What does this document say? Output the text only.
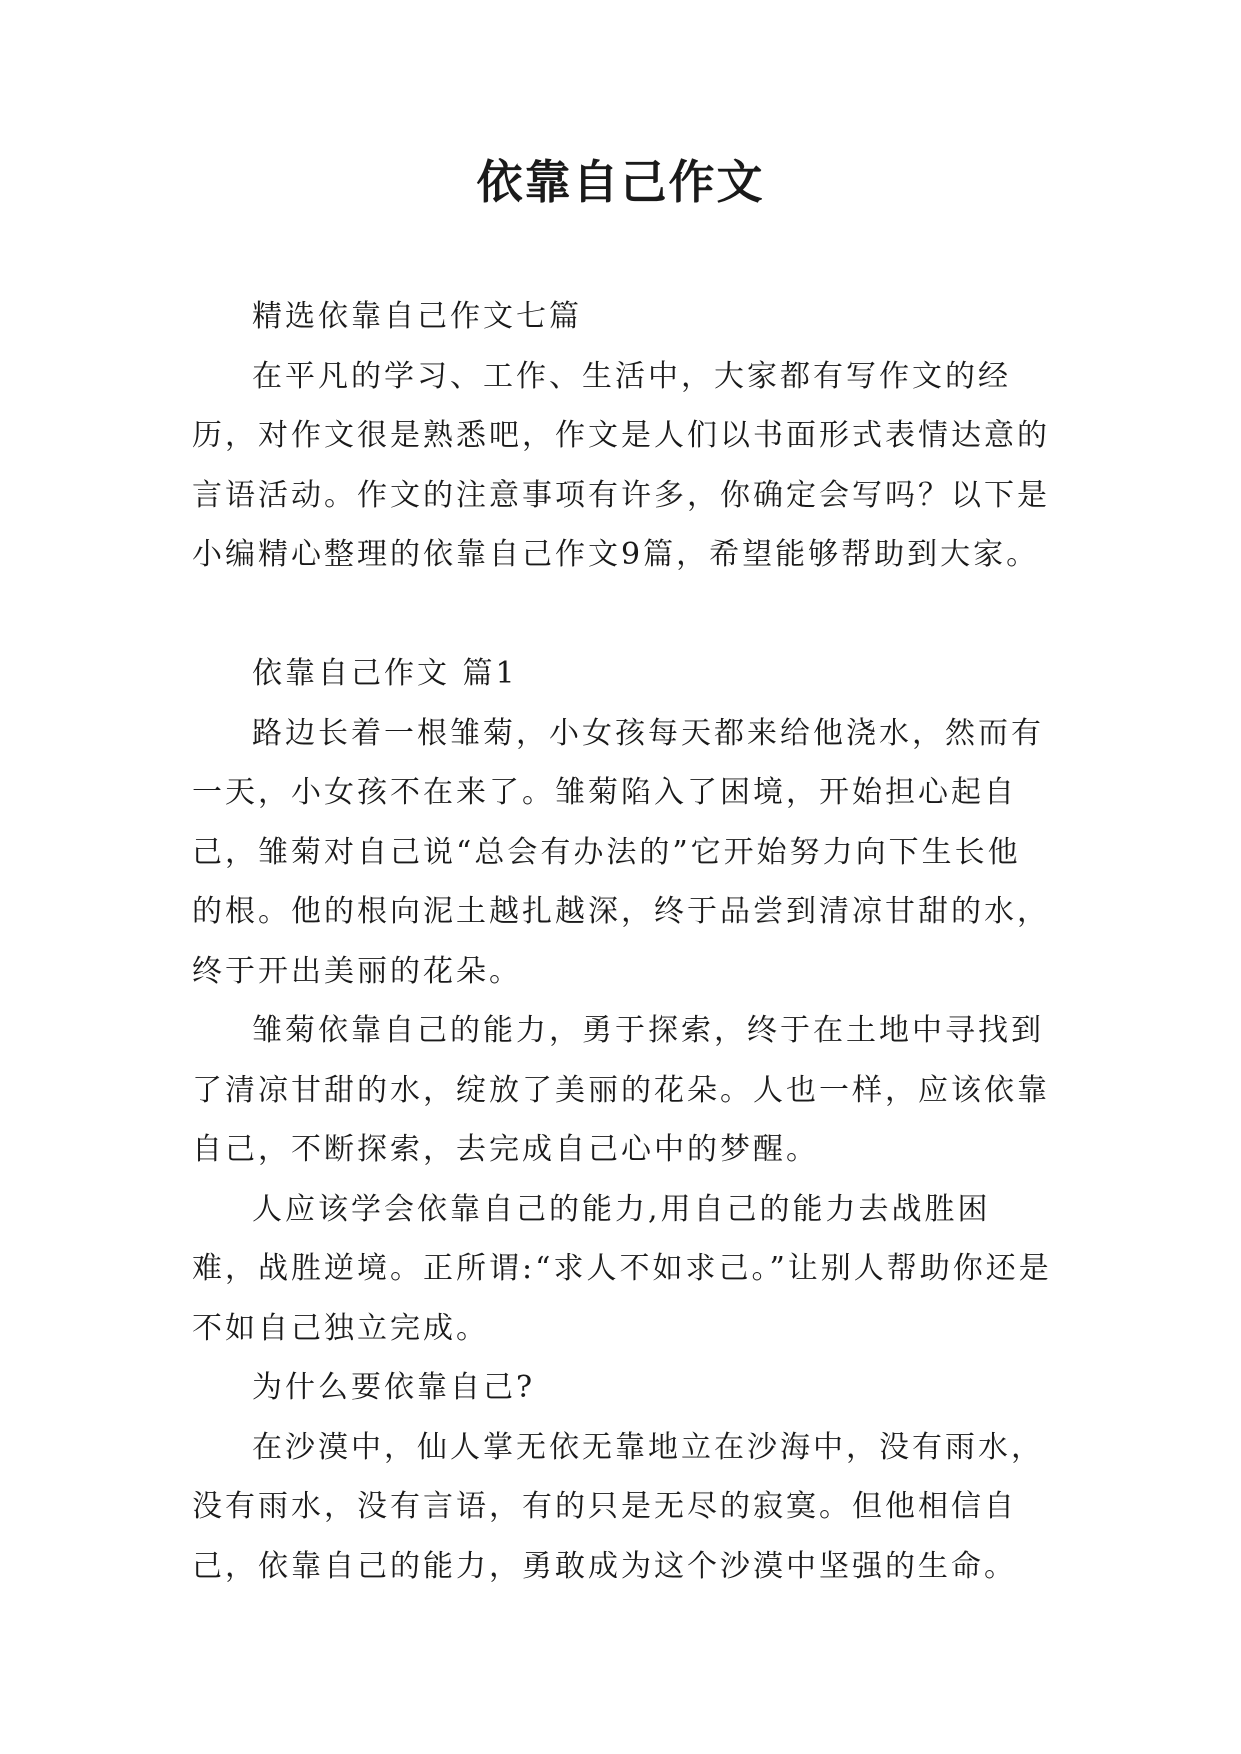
依靠自己作文

精选依靠自己作文七篇

在平凡的学习、工作、生活中，大家都有写作文的经历，对作文很是熟悉吧，作文是人们以书面形式表情达意的言语活动。作文的注意事项有许多，你确定会写吗？以下是小编精心整理的依靠自己作文9篇，希望能够帮助到大家。

依靠自己作文 篇1

路边长着一根雏菊，小女孩每天都来给他浇水，然而有一天，小女孩不在来了。雏菊陷入了困境，开始担心起自己，雏菊对自己说“总会有办法的”它开始努力向下生长他的根。他的根向泥土越扎越深，终于品尝到清凉甘甜的水，终于开出美丽的花朵。

雏菊依靠自己的能力，勇于探索，终于在土地中寻找到了清凉甘甜的水，绽放了美丽的花朵。人也一样，应该依靠自己，不断探索，去完成自己心中的梦醒。

人应该学会依靠自己的能力,用自己的能力去战胜困难，战胜逆境。正所谓:“求人不如求己。”让别人帮助你还是不如自己独立完成。

为什么要依靠自己?

在沙漠中，仙人掌无依无靠地立在沙海中，没有雨水，没有雨水，没有言语，有的只是无尽的寂寞。但他相信自己，依靠自己的能力，勇敢成为这个沙漠中坚强的生命。
